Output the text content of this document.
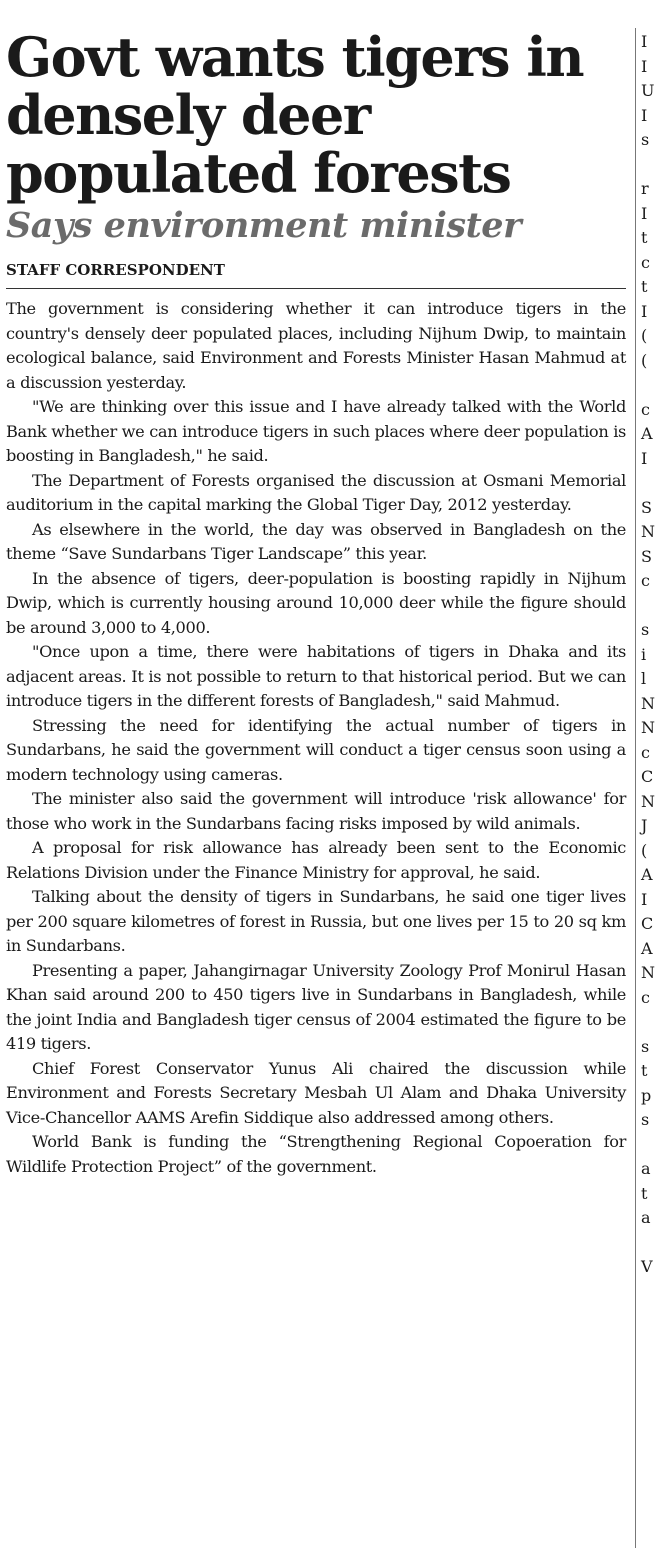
Govt wants tigers in densely deer populated forests
Says environment minister
STAFF CORRESPONDENT

The government is considering whether it can introduce tigers in the country's densely deer populated places, including Nijhum Dwip, to maintain ecological balance, said Environment and Forests Minister Hasan Mahmud at a discussion yesterday.

"We are thinking over this issue and I have already talked with the World Bank whether we can introduce tigers in such places where deer population is boosting in Bangladesh," he said.

The Department of Forests organised the discussion at Osmani Memorial auditorium in the capital marking the Global Tiger Day, 2012 yesterday.

As elsewhere in the world, the day was observed in Bangladesh on the theme “Save Sundarbans Tiger Landscape” this year.

In the absence of tigers, deer-population is boosting rapidly in Nijhum Dwip, which is currently housing around 10,000 deer while the figure should be around 3,000 to 4,000.

"Once upon a time, there were habitations of tigers in Dhaka and its adjacent areas. It is not possible to return to that historical period. But we can introduce tigers in the different forests of Bangladesh," said Mahmud.

Stressing the need for identifying the actual number of tigers in Sundarbans, he said the government will conduct a tiger census soon using a modern technology using cameras.

The minister also said the government will introduce 'risk allowance' for those who work in the Sundarbans facing risks imposed by wild animals.

A proposal for risk allowance has already been sent to the Economic Relations Division under the Finance Ministry for approval, he said.

Talking about the density of tigers in Sundarbans, he said one tiger lives per 200 square kilometres of forest in Russia, but one lives per 15 to 20 sq km in Sundarbans.

Presenting a paper, Jahangirnagar University Zoology Prof Monirul Hasan Khan said around 200 to 450 tigers live in Sundarbans in Bangladesh, while the joint India and Bangladesh tiger census of 2004 estimated the figure to be 419 tigers.

Chief Forest Conservator Yunus Ali chaired the discussion while Environment and Forests Secretary Mesbah Ul Alam and Dhaka University Vice-Chancellor AAMS Arefin Siddique also addressed among others.

World Bank is funding the “Strengthening Regional Copoeration for Wildlife Protection Project” of the government.

I
I
U
I
s

r
I
t
c
t
I
(
(

c
A
I

S
N
S
c

s
i
l
N
N
c
C
N
J
(
A
I
C
A
N
c

s
t
p
s

a
t
a

V
